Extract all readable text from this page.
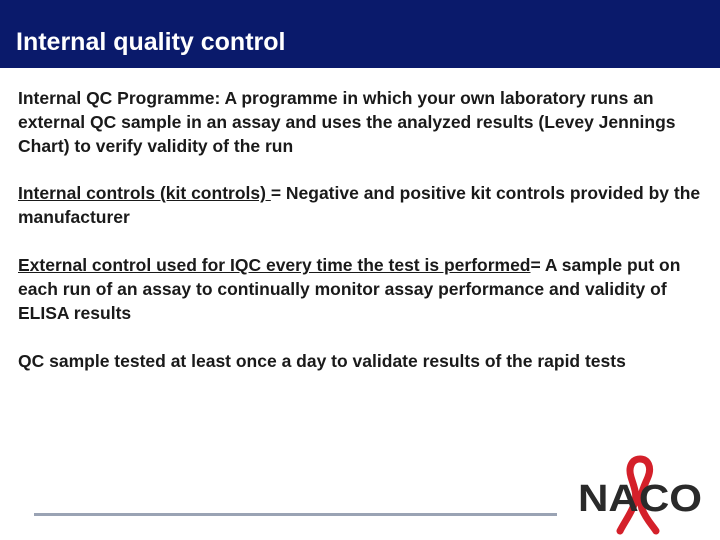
Internal quality control
Internal QC Programme: A programme in which your own laboratory runs an external QC sample in an assay and uses the analyzed results (Levey Jennings Chart) to verify validity of the run
Internal controls (kit controls) = Negative and positive kit controls provided by the manufacturer
External control used for IQC every time the test is performed= A sample put on each run of an assay to continually monitor assay performance and validity of ELISA results
QC sample tested at least once a day to validate results of the rapid tests
NACO
